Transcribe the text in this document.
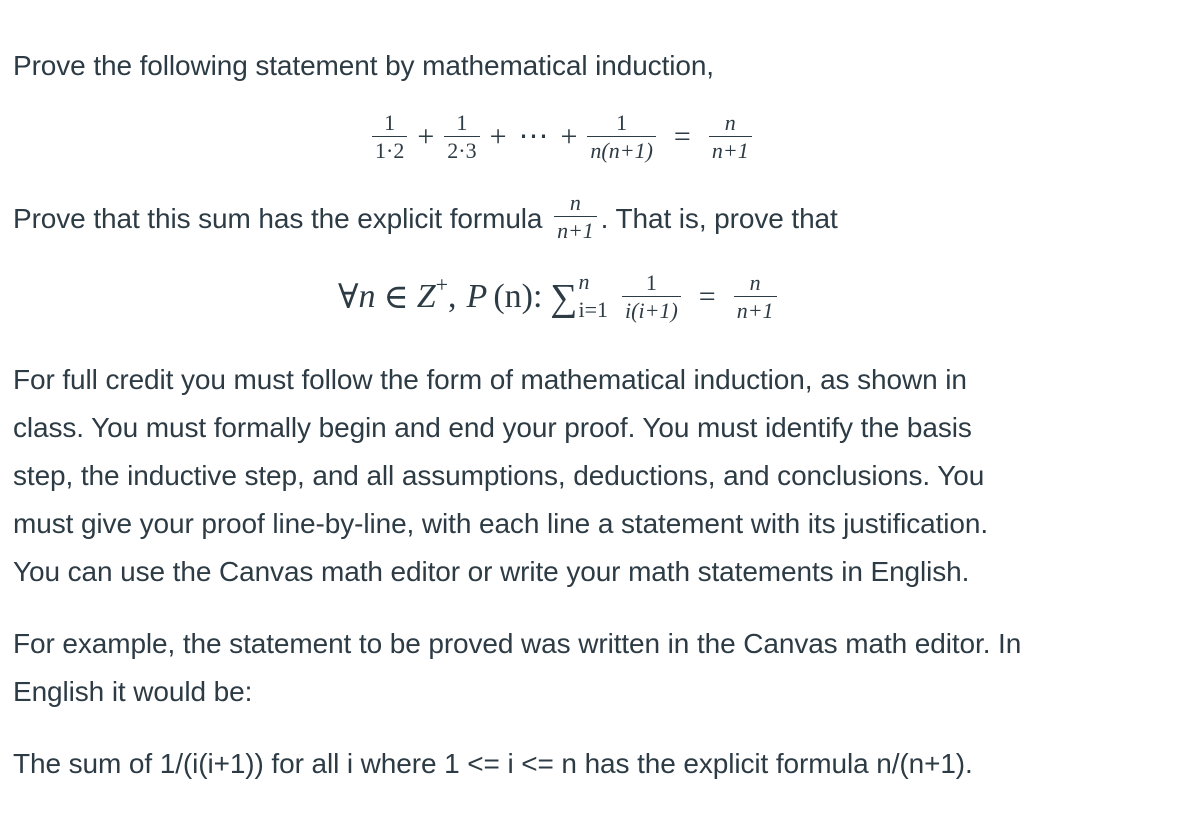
Prove the following statement by mathematical induction,

$\frac{1}{1\cdot 2} + \frac{1}{2\cdot 3}$ + ⋯ + $\frac{1}{n(n+1)} = \frac{n}{n+1}$

Prove that this sum has the explicit formula $\frac{n}{n+1}$ . That is, prove that

∀ n ∈ Z + , P (n): ∑ n
$i=1 \frac{1}{i(i+1)} = \frac{n}{n+1}$

For full credit you must follow the form of mathematical induction, as shown in
class. You must formally begin and end your proof. You must identify the basis
step, the inductive step, and all assumptions, deductions, and conclusions. You
must give your proof line-by-line, with each line a statement with its justification.
You can use the Canvas math editor or write your math statements in English.

For example, the statement to be proved was written in the Canvas math editor. In
English it would be:

The sum of 1/(i(i+1)) for all i where 1 <= i <= n has the explicit formula n/(n+1).
